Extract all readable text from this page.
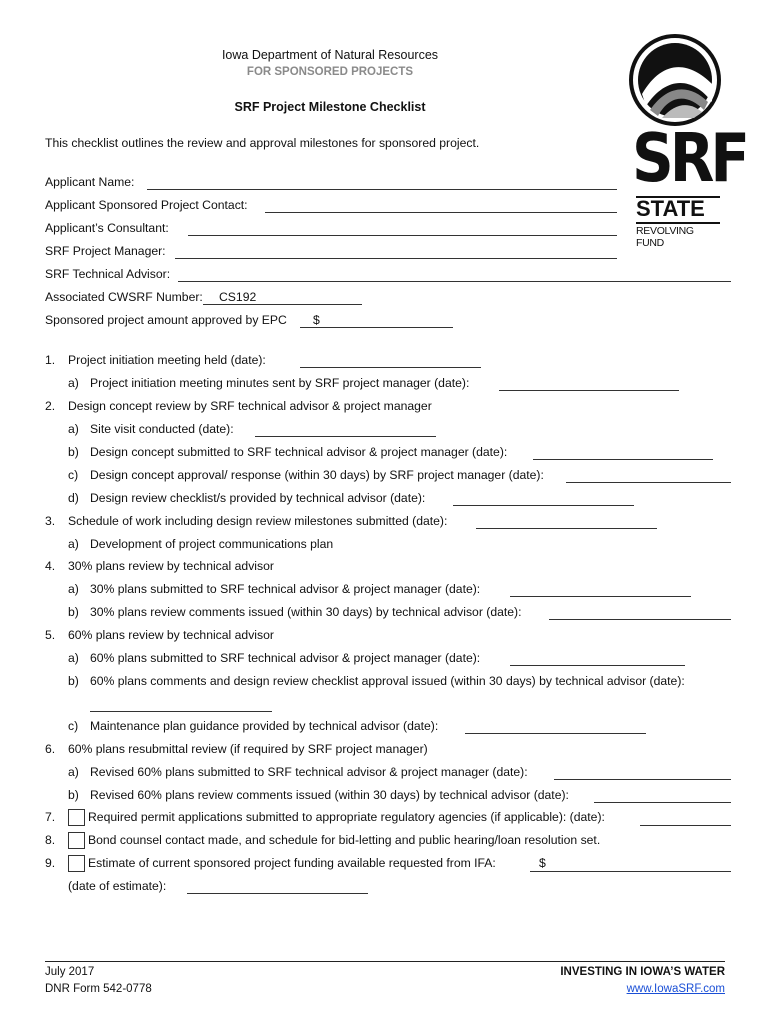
Iowa Department of Natural Resources
FOR SPONSORED PROJECTS
SRF Project Milestone Checklist
SRF
STATE
REVOLVING FUND
This checklist outlines the review and approval milestones for sponsored project.
Applicant Name:
Applicant Sponsored Project Contact:
Applicant’s Consultant:
SRF Project Manager:
SRF Technical Advisor:
Associated CWSRF Number: CS192
Sponsored project amount approved by EPC $
1. Project initiation meeting held (date):
a) Project initiation meeting minutes sent by SRF project manager (date):
2. Design concept review by SRF technical advisor & project manager
a) Site visit conducted (date):
b) Design concept submitted to SRF technical advisor & project manager (date):
c) Design concept approval/ response (within 30 days) by SRF project manager (date):
d) Design review checklist/s provided by technical advisor (date):
3. Schedule of work including design review milestones submitted (date):
a) Development of project communications plan
4. 30% plans review by technical advisor
a) 30% plans submitted to SRF technical advisor & project manager (date):
b) 30% plans review comments issued (within 30 days) by technical advisor (date):
5. 60% plans review by technical advisor
a) 60% plans submitted to SRF technical advisor & project manager (date):
b) 60% plans comments and design review checklist approval issued (within 30 days) by technical advisor (date):
c) Maintenance plan guidance provided by technical advisor (date):
6. 60% plans resubmittal review (if required by SRF project manager)
a) Revised 60% plans submitted to SRF technical advisor & project manager (date):
b) Revised 60% plans review comments issued (within 30 days) by technical advisor (date):
7.	Required permit applications submitted to appropriate regulatory agencies (if applicable): (date):
8.	Bond counsel contact made, and schedule for bid-letting and public hearing/loan resolution set.
9.	Estimate of current sponsored project funding available requested from IFA:	$
(date of estimate):
July 2017
DNR Form 542-0778
INVESTING IN IOWA’S WATER
www.IowaSRF.com
